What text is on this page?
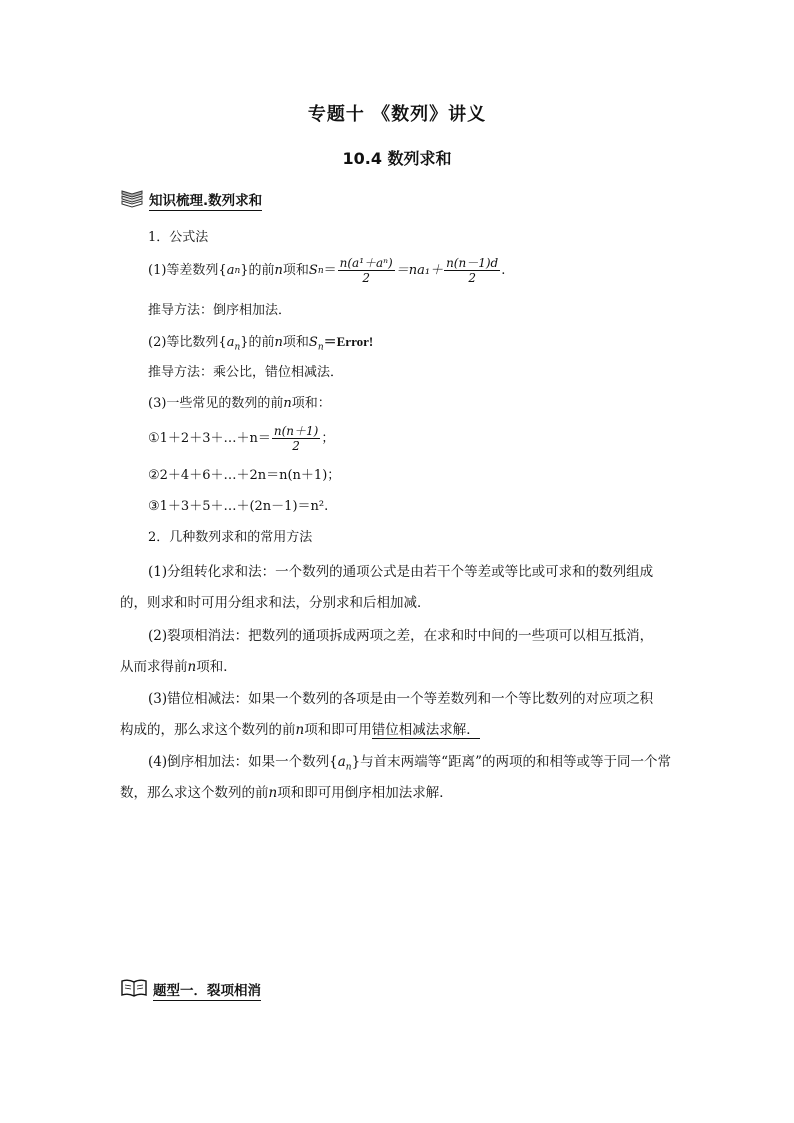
专题十 《数列》讲义
10.4 数列求和
知识梳理.数列求和
1．公式法
(1)等差数列{ a n }的前 n 项和 S $n = \frac{\text{n(a¹＋aⁿ)}}{2} =na_1+ \frac{n(n-1)d}{2}$ .
推导方法：倒序相加法．
(2)等比数列$\{a_n\}$的前n项和$S_n=Error$!
推导方法：乘公比，错位相减法．
(3)一些常见的数列的前n项和：
①1＋2＋3＋…＋n＝ $\frac{n(n+1)}{2}$ ；
②2＋4＋6＋…＋2n＝n(n＋1)；
③1＋3＋5＋…＋(2n－1)＝n².
2．几种数列求和的常用方法
(1)分组转化求和法：一个数列的通项公式是由若干个等差或等比或可求和的数列组成
的，则求和时可用分组求和法，分别求和后相加减．
(2)裂项相消法：把数列的通项拆成两项之差，在求和时中间的一些项可以相互抵消，
从而求得前n项和．
(3)错位相减法：如果一个数列的各项是由一个等差数列和一个等比数列的对应项之积
构成的，那么求这个数列的前n项和即可用错位相减法求解．
(4)倒序相加法：如果一个数列$\{a_n\}$与首末两端等“距离”的两项的和相等或等于同一个常
数，那么求这个数列的前n项和即可用倒序相加法求解．
题型一．裂项相消
